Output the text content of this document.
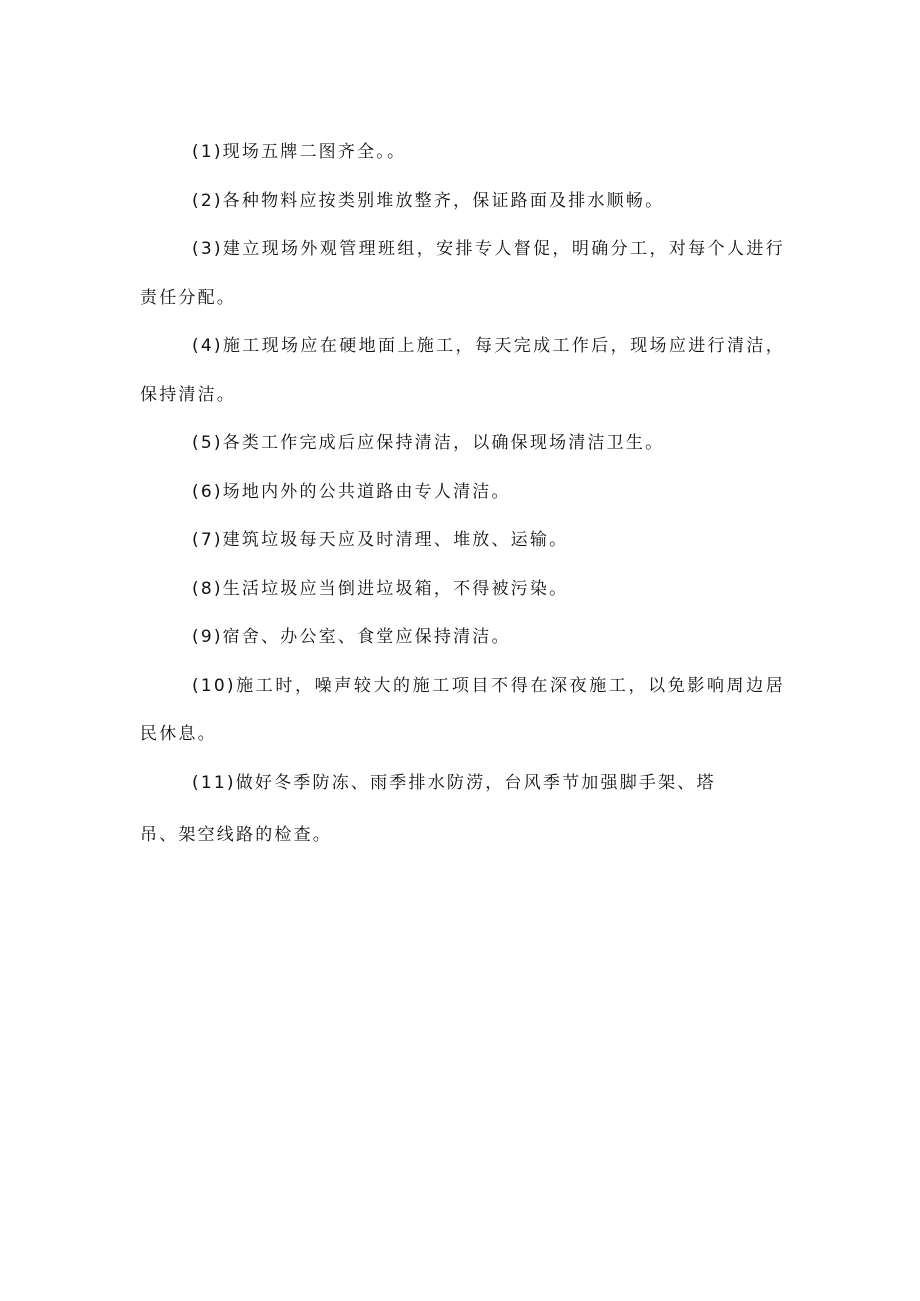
(1)现场五牌二图齐全。。

(2)各种物料应按类别堆放整齐，保证路面及排水顺畅。

(3)建立现场外观管理班组，安排专人督促，明确分工，对每个人进行责任分配。

(4)施工现场应在硬地面上施工，每天完成工作后，现场应进行清洁，保持清洁。

(5)各类工作完成后应保持清洁，以确保现场清洁卫生。

(6)场地内外的公共道路由专人清洁。

(7)建筑垃圾每天应及时清理、堆放、运输。

(8)生活垃圾应当倒进垃圾箱，不得被污染。

(9)宿舍、办公室、食堂应保持清洁。

(10)施工时，噪声较大的施工项目不得在深夜施工，以免影响周边居民休息。

(11)做好冬季防冻、雨季排水防涝，台风季节加强脚手架、塔

吊、架空线路的检查。
